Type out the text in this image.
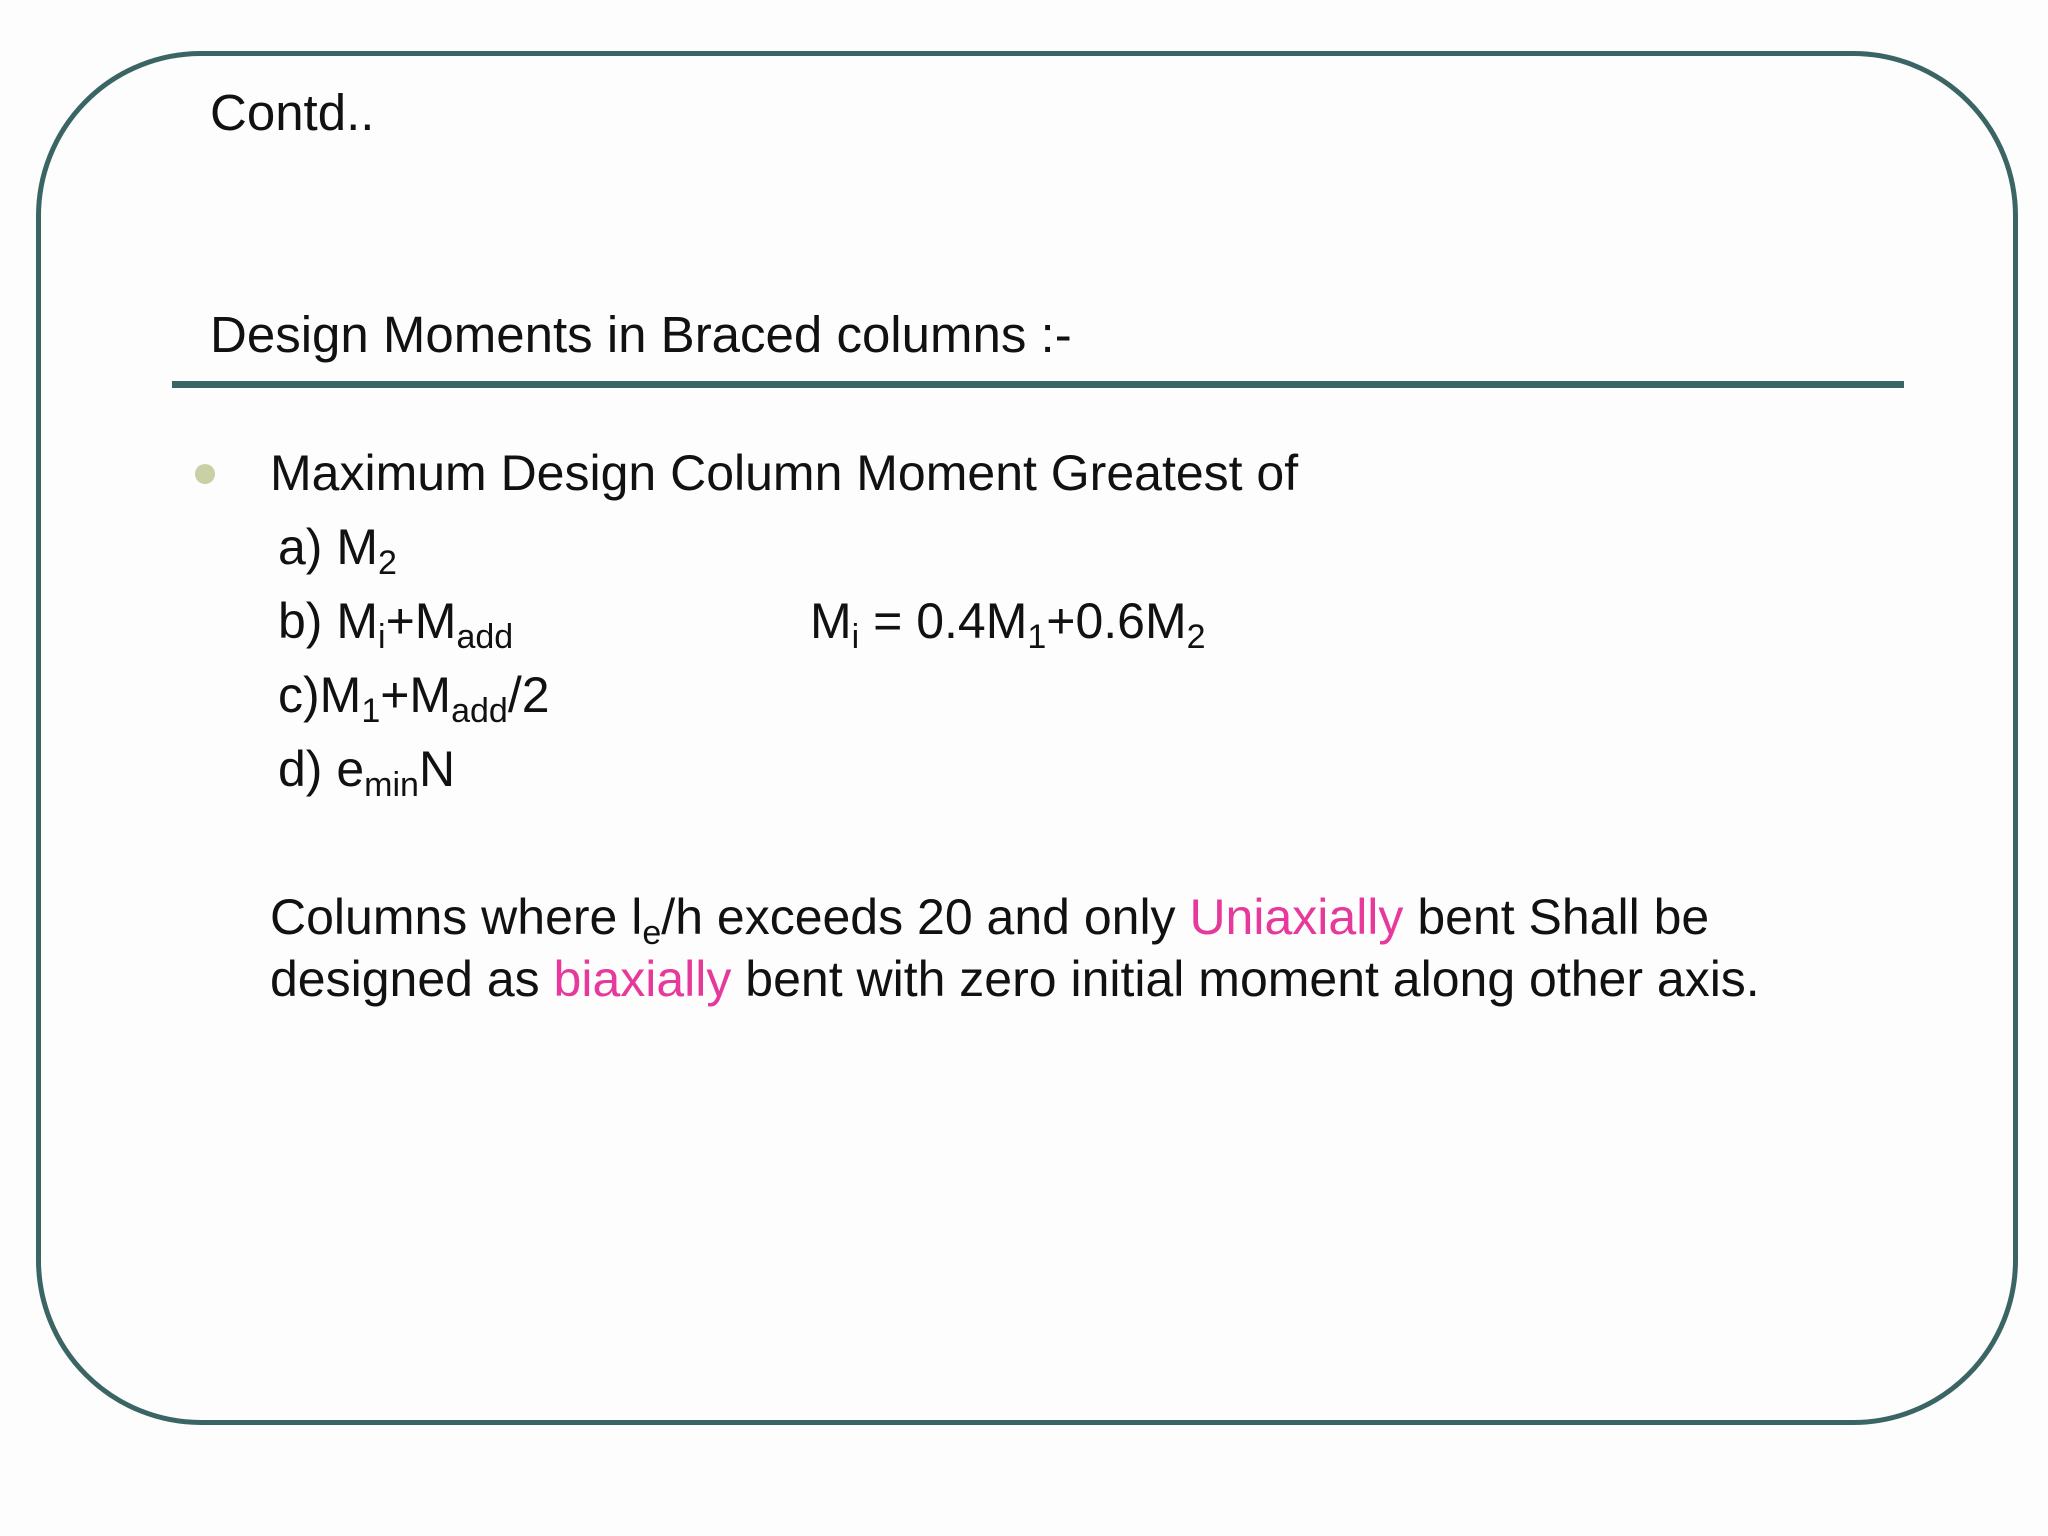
Contd..
Design Moments in Braced columns :-
Maximum Design Column Moment Greatest of
a) $M_2$
b) $M_i+M_{add}$	$M_i = 0.4M_1+0.6M_2$
$c)M_1+M_{add}/2$
d) $e_{min}N$
Columns where $l_e/h$ exceeds 20 and only Uniaxially bent Shall be
designed as biaxially bent with zero initial moment along other axis.
